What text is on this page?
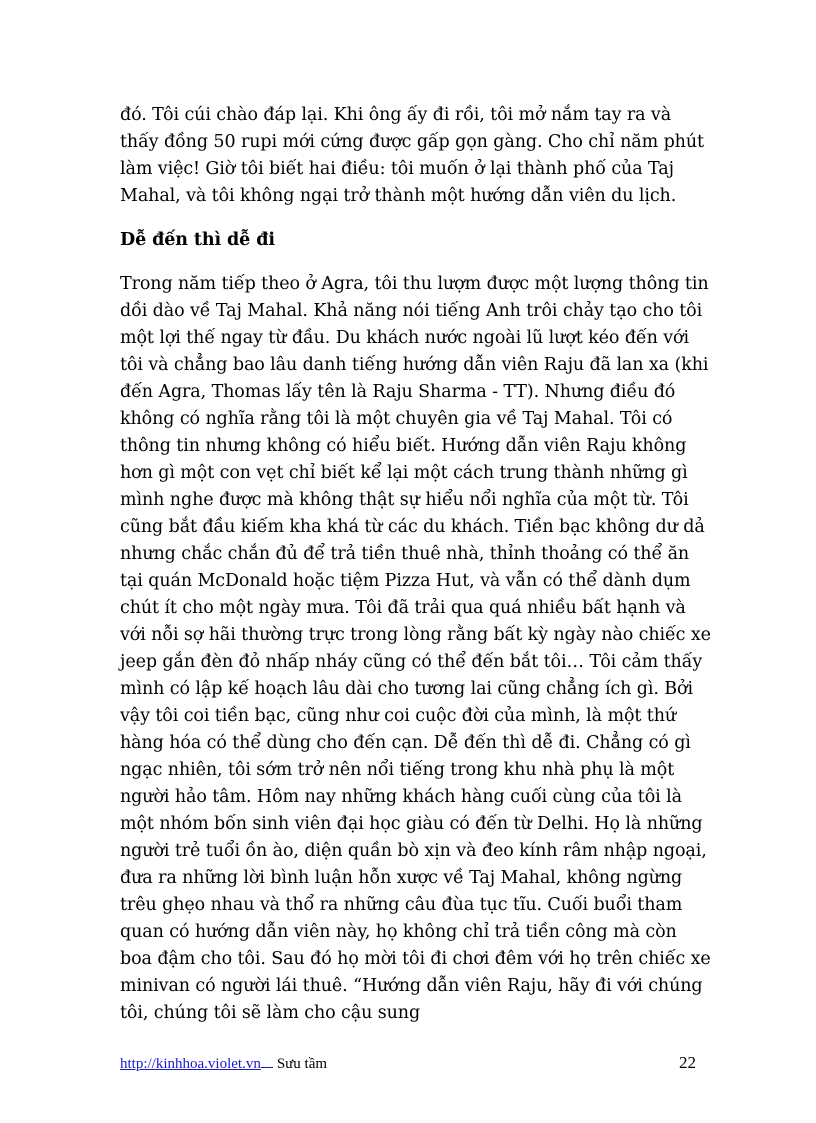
đó. Tôi cúi chào đáp lại. Khi ông ấy đi rồi, tôi mở nắm tay ra và thấy đồng 50 rupi mới cứng được gấp gọn gàng. Cho chỉ năm phút làm việc! Giờ tôi biết hai điều: tôi muốn ở lại thành phố của Taj Mahal, và tôi không ngại trở thành một hướng dẫn viên du lịch.

Dễ đến thì dễ đi

Trong năm tiếp theo ở Agra, tôi thu lượm được một lượng thông tin dồi dào về Taj Mahal. Khả năng nói tiếng Anh trôi chảy tạo cho tôi một lợi thế ngay từ đầu. Du khách nước ngoài lũ lượt kéo đến với tôi và chẳng bao lâu danh tiếng hướng dẫn viên Raju đã lan xa (khi đến Agra, Thomas lấy tên là Raju Sharma - TT). Nhưng điều đó không có nghĩa rằng tôi là một chuyên gia về Taj Mahal. Tôi có thông tin nhưng không có hiểu biết. Hướng dẫn viên Raju không hơn gì một con vẹt chỉ biết kể lại một cách trung thành những gì mình nghe được mà không thật sự hiểu nổi nghĩa của một từ. Tôi cũng bắt đầu kiếm kha khá từ các du khách. Tiền bạc không dư dả nhưng chắc chắn đủ để trả tiền thuê nhà, thỉnh thoảng có thể ăn tại quán McDonald hoặc tiệm Pizza Hut, và vẫn có thể dành dụm chút ít cho một ngày mưa. Tôi đã trải qua quá nhiều bất hạnh và với nỗi sợ hãi thường trực trong lòng rằng bất kỳ ngày nào chiếc xe jeep gắn đèn đỏ nhấp nháy cũng có thể đến bắt tôi… Tôi cảm thấy mình có lập kế hoạch lâu dài cho tương lai cũng chẳng ích gì. Bởi vậy tôi coi tiền bạc, cũng như coi cuộc đời của mình, là một thứ hàng hóa có thể dùng cho đến cạn. Dễ đến thì dễ đi. Chẳng có gì ngạc nhiên, tôi sớm trở nên nổi tiếng trong khu nhà phụ là một người hảo tâm. Hôm nay những khách hàng cuối cùng của tôi là một nhóm bốn sinh viên đại học giàu có đến từ Delhi. Họ là những người trẻ tuổi ồn ào, diện quần bò xịn và đeo kính râm nhập ngoại, đưa ra những lời bình luận hỗn xược về Taj Mahal, không ngừng trêu ghẹo nhau và thổ ra những câu đùa tục tĩu. Cuối buổi tham quan có hướng dẫn viên này, họ không chỉ trả tiền công mà còn boa đậm cho tôi. Sau đó họ mời tôi đi chơi đêm với họ trên chiếc xe minivan có người lái thuê. “Hướng dẫn viên Raju, hãy đi với chúng tôi, chúng tôi sẽ làm cho cậu sung

http://kinhhoa.violet.vn Sưu tầm	22
